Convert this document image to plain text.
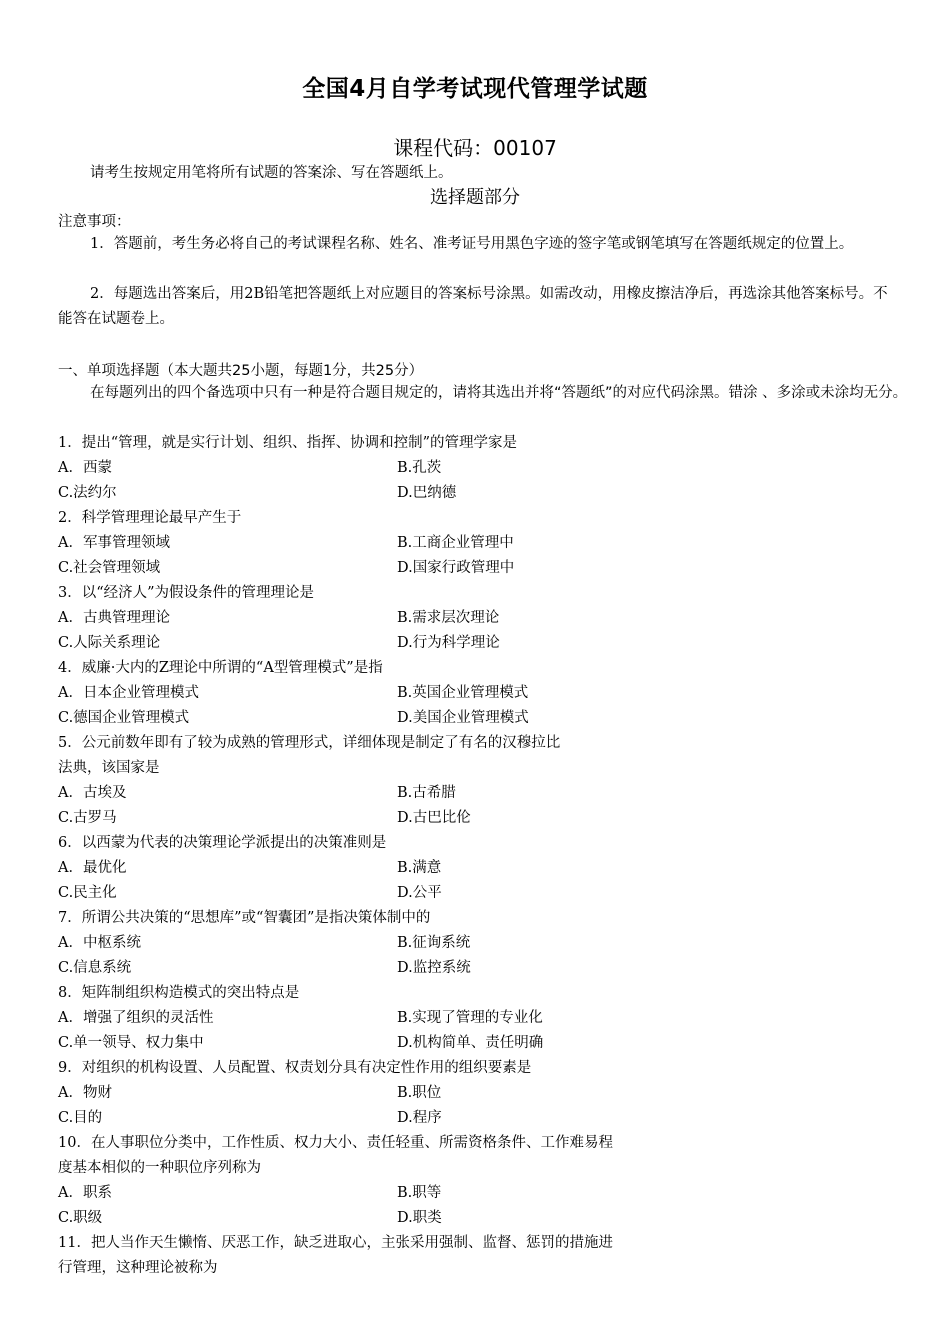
全国4月自学考试现代管理学试题
课程代码：00107
请考生按规定用笔将所有试题的答案涂、写在答题纸上。
选择题部分
注意事项：

1．答题前，考生务必将自己的考试课程名称、姓名、准考证号用黑色字迹的签字笔或钢笔填写在答题纸规定的位置上。

2．每题选出答案后，用2B铅笔把答题纸上对应题目的答案标号涂黑。如需改动，用橡皮擦洁净后，再选涂其他答案标号。不能答在试题卷上。

一、单项选择题（本大题共25小题，每题1分，共25分）

在每题列出的四个备选项中只有一种是符合题目规定的，请将其选出并将“答题纸”的对应代码涂黑。错涂 、多涂或未涂均无分。

1．提出“管理，就是实行计划、组织、指挥、协调和控制”的管理学家是
A．西蒙	B.孔茨
C.法约尔	D.巴纳德
2．科学管理理论最早产生于
A．军事管理领域	B.工商企业管理中
C.社会管理领域	D.国家行政管理中
3．以“经济人”为假设条件的管理理论是
A．古典管理理论	B.需求层次理论
C.人际关系理论	D.行为科学理论
4．威廉·大内的Z理论中所谓的“A型管理模式”是指
A．日本企业管理模式	B.英国企业管理模式
C.德国企业管理模式	D.美国企业管理模式
5．公元前数年即有了较为成熟的管理形式，详细体现是制定了有名的汉穆拉比
法典，该国家是
A．古埃及	B.古希腊
C.古罗马	D.古巴比伦
6．以西蒙为代表的决策理论学派提出的决策准则是
A．最优化	B.满意
C.民主化	D.公平
7．所谓公共决策的“思想库”或“智囊团”是指决策体制中的
A．中枢系统	B.征询系统
C.信息系统	D.监控系统
8．矩阵制组织构造模式的突出特点是
A．增强了组织的灵活性	B.实现了管理的专业化
C.单一领导、权力集中	D.机构简单、责任明确
9．对组织的机构设置、人员配置、权责划分具有决定性作用的组织要素是
A．物财	B.职位
C.目的	D.程序
10．在人事职位分类中，工作性质、权力大小、责任轻重、所需资格条件、工作难易程
度基本相似的一种职位序列称为
A．职系	B.职等
C.职级	D.职类
11．把人当作天生懒惰、厌恶工作，缺乏进取心，主张采用强制、监督、惩罚的措施进
行管理，这种理论被称为
